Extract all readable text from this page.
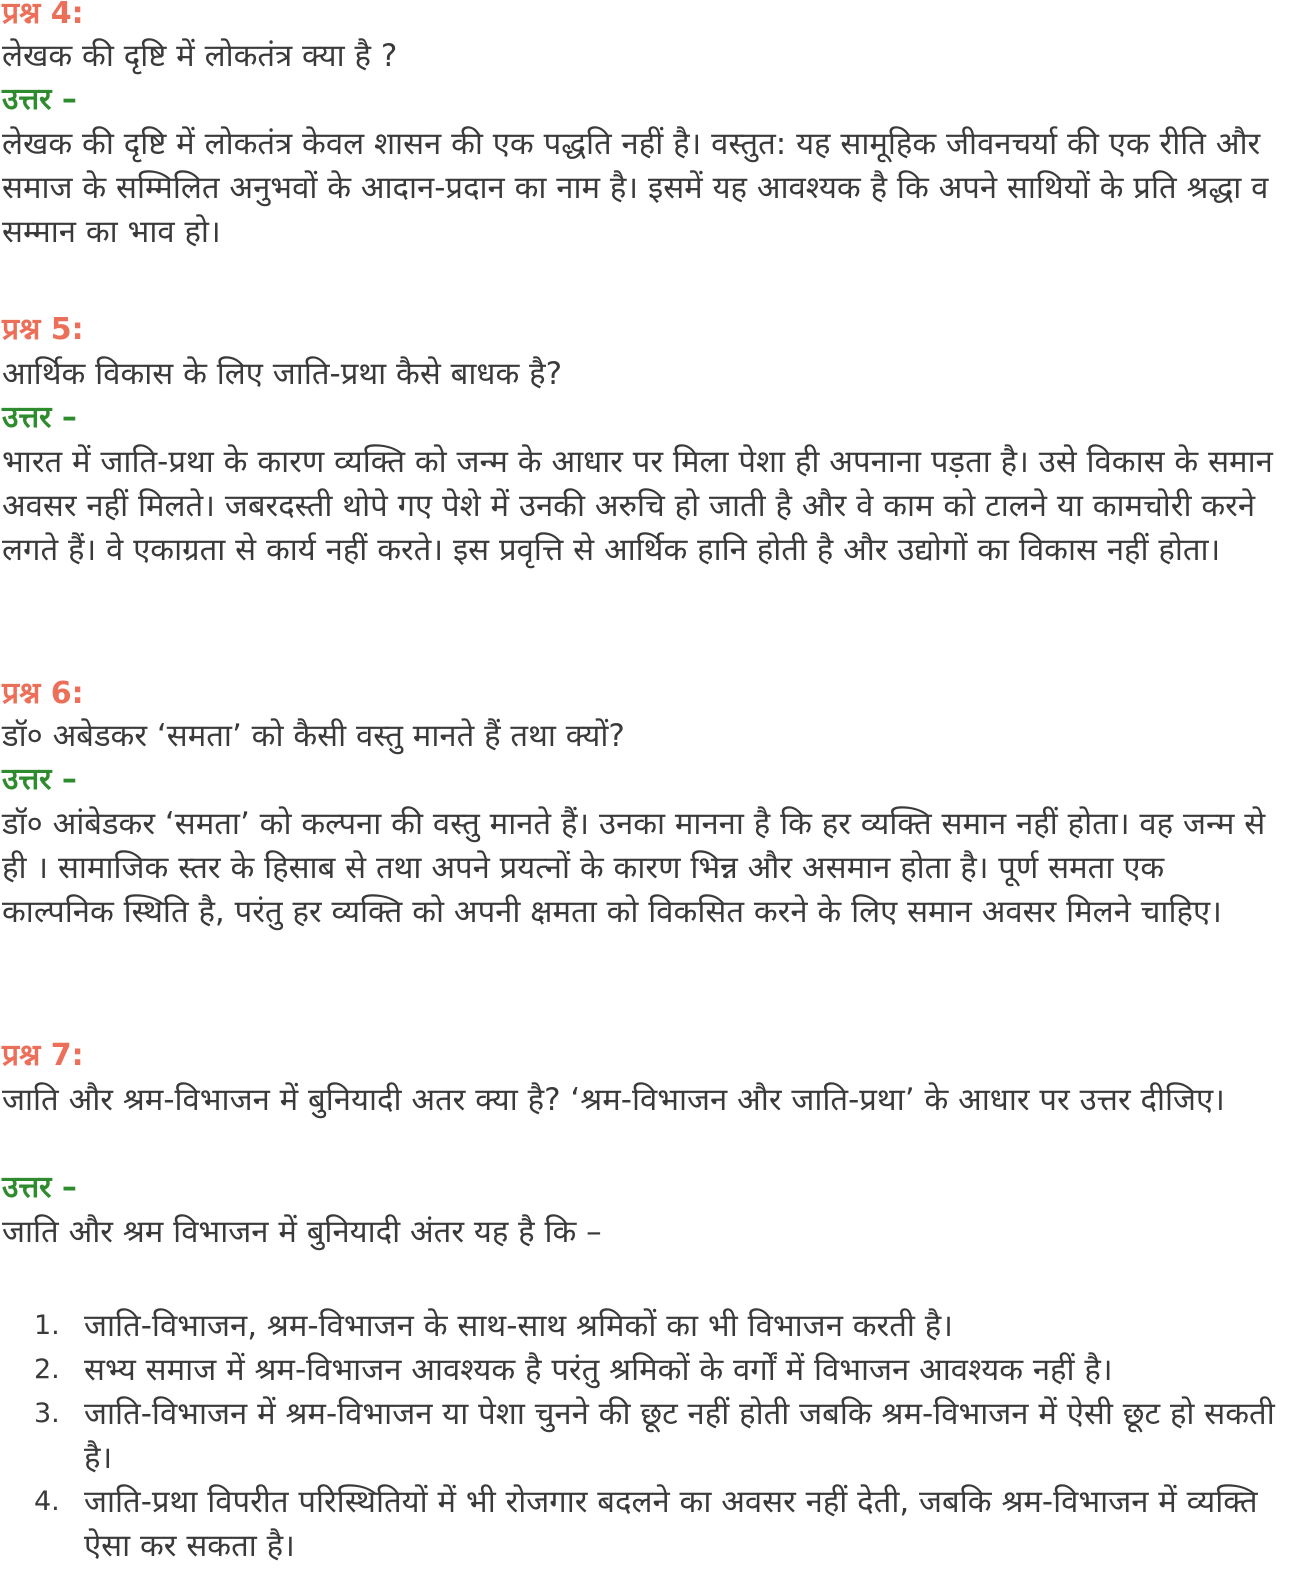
प्रश्न 4:

लेखक की दृष्टि में लोकतंत्र क्या है ?

उत्तर –

लेखक की दृष्टि में लोकतंत्र केवल शासन की एक पद्धति नहीं है। वस्तुत: यह सामूहिक जीवनचर्या की एक रीति और समाज के सम्मिलित अनुभवों के आदान-प्रदान का नाम है। इसमें यह आवश्यक है कि अपने साथियों के प्रति श्रद्धा व सम्मान का भाव हो।

प्रश्न 5:

आर्थिक विकास के लिए जाति-प्रथा कैसे बाधक है?

उत्तर –

भारत में जाति-प्रथा के कारण व्यक्ति को जन्म के आधार पर मिला पेशा ही अपनाना पड़ता है। उसे विकास के समान अवसर नहीं मिलते। जबरदस्ती थोपे गए पेशे में उनकी अरुचि हो जाती है और वे काम को टालने या कामचोरी करने लगते हैं। वे एकाग्रता से कार्य नहीं करते। इस प्रवृत्ति से आर्थिक हानि होती है और उद्योगों का विकास नहीं होता।

प्रश्न 6:

डॉ० अबेडकर ‘समता’ को कैसी वस्तु मानते हैं तथा क्यों?

उत्तर –

डॉ० आंबेडकर ‘समता’ को कल्पना की वस्तु मानते हैं। उनका मानना है कि हर व्यक्ति समान नहीं होता। वह जन्म से ही । सामाजिक स्तर के हिसाब से तथा अपने प्रयत्नों के कारण भिन्न और असमान होता है। पूर्ण समता एक काल्पनिक स्थिति है, परंतु हर व्यक्ति को अपनी क्षमता को विकसित करने के लिए समान अवसर मिलने चाहिए।

प्रश्न 7:

जाति और श्रम-विभाजन में बुनियादी अतर क्या है? ‘श्रम-विभाजन और जाति-प्रथा’ के आधार पर उत्तर दीजिए।

उत्तर –

जाति और श्रम विभाजन में बुनियादी अंतर यह है कि –

1. जाति-विभाजन, श्रम-विभाजन के साथ-साथ श्रमिकों का भी विभाजन करती है।
2. सभ्य समाज में श्रम-विभाजन आवश्यक है परंतु श्रमिकों के वर्गों में विभाजन आवश्यक नहीं है।
3. जाति-विभाजन में श्रम-विभाजन या पेशा चुनने की छूट नहीं होती जबकि श्रम-विभाजन में ऐसी छूट हो सकती है।
4. जाति-प्रथा विपरीत परिस्थितियों में भी रोजगार बदलने का अवसर नहीं देती, जबकि श्रम-विभाजन में व्यक्ति ऐसा कर सकता है।
